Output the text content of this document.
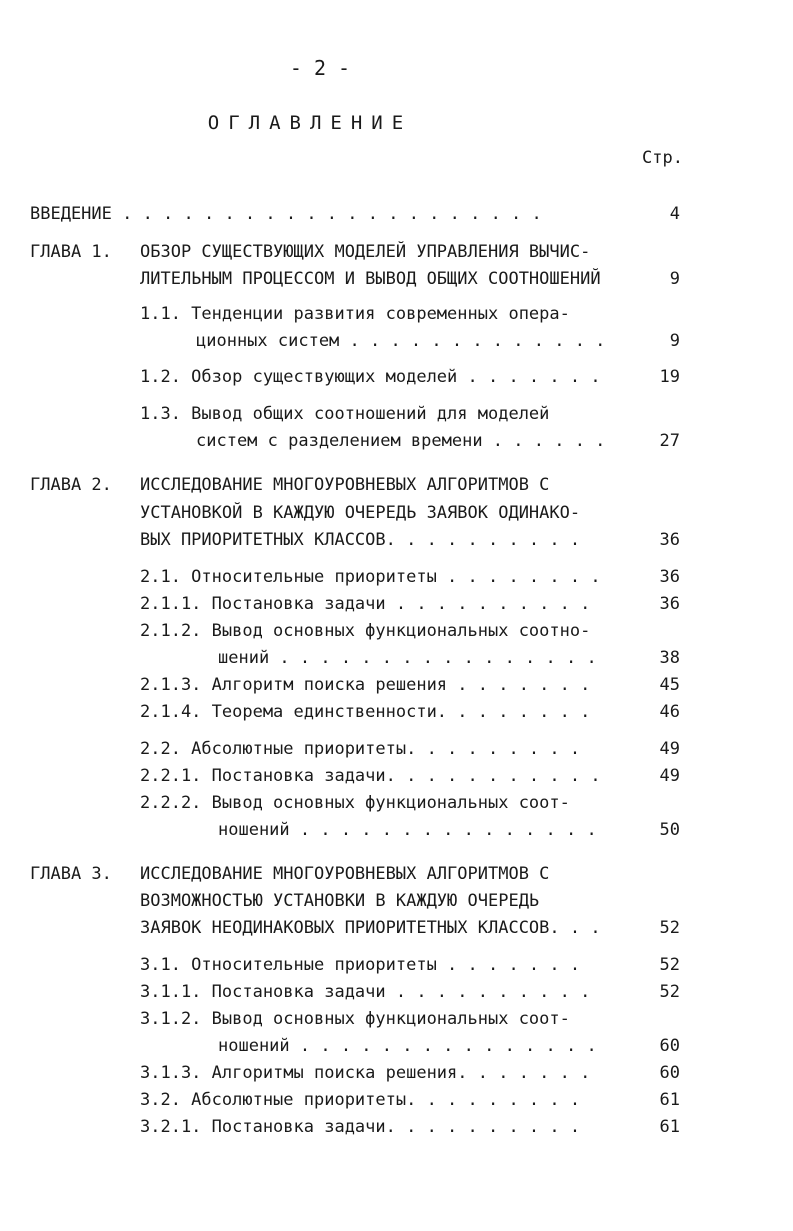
- 2 -
ОГЛАВЛЕНИЕ
Стр.
ВВЕДЕНИЕ . . . . . . . . . . . . . . . . . . . . .	4
ГЛАВА 1. ОБЗОР СУЩЕСТВУЮЩИХ МОДЕЛЕЙ УПРАВЛЕНИЯ ВЫЧИС-
ЛИТЕЛЬНЫМ ПРОЦЕССОМ И ВЫВОД ОБЩИХ СООТНОШЕНИЙ	9
1.1. Тенденции развития современных опера-
ционных систем . . . . . . . . . . . . .	9
1.2. Обзор существующих моделей . . . . . . .	19
1.3. Вывод общих соотношений для моделей
систем с разделением времени . . . . . .	27
ГЛАВА 2. ИССЛЕДОВАНИЕ МНОГОУРОВНЕВЫХ АЛГОРИТМОВ С
УСТАНОВКОЙ В КАЖДУЮ ОЧЕРЕДЬ ЗАЯВОК ОДИНАКО-
ВЫХ ПРИОРИТЕТНЫХ КЛАССОВ. . . . . . . . . .	36
2.1. Относительные приоритеты . . . . . . . .	36
2.1.1. Постановка задачи . . . . . . . . . .	36
2.1.2. Вывод основных функциональных соотно-
шений . . . . . . . . . . . . . . . .	38
2.1.3. Алгоритм поиска решения . . . . . . .	45
2.1.4. Теорема единственности. . . . . . . .	46
2.2. Абсолютные приоритеты. . . . . . . . .	49
2.2.1. Постановка задачи. . . . . . . . . . .	49
2.2.2. Вывод основных функциональных соот-
ношений . . . . . . . . . . . . . . .	50
ГЛАВА 3. ИССЛЕДОВАНИЕ МНОГОУРОВНЕВЫХ АЛГОРИТМОВ С
ВОЗМОЖНОСТЬЮ УСТАНОВКИ В КАЖДУЮ ОЧЕРЕДЬ
ЗАЯВОК НЕОДИНАКОВЫХ ПРИОРИТЕТНЫХ КЛАССОВ. . .	52
3.1. Относительные приоритеты . . . . . . .	52
3.1.1. Постановка задачи . . . . . . . . . .	52
3.1.2. Вывод основных функциональных соот-
ношений . . . . . . . . . . . . . . .	60
3.1.3. Алгоритмы поиска решения. . . . . . .	60
3.2. Абсолютные приоритеты. . . . . . . . .	61
3.2.1. Постановка задачи. . . . . . . . . .	61
